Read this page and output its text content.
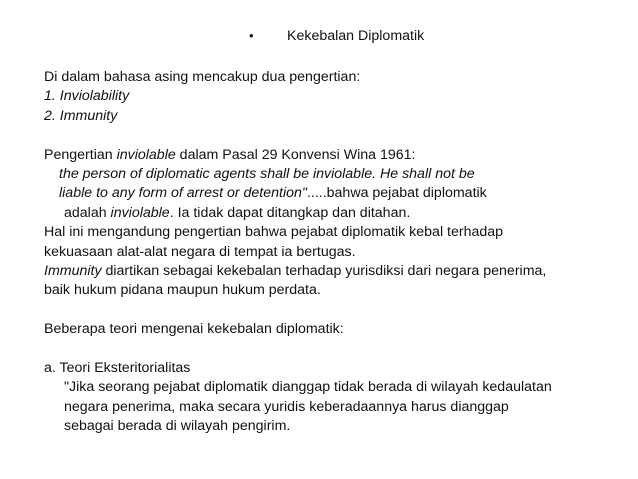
• Kekebalan Diplomatik
Di dalam bahasa asing mencakup dua pengertian:
1. Inviolability
2. Immunity
Pengertian inviolable dalam Pasal 29 Konvensi Wina 1961:
the person of diplomatic agents shall be inviolable. He shall not be
liable to any form of arrest or detention".....bahwa pejabat diplomatik
adalah inviolable. Ia tidak dapat ditangkap dan ditahan.
Hal ini mengandung pengertian bahwa pejabat diplomatik kebal terhadap
kekuasaan alat-alat negara di tempat ia bertugas.
Immunity diartikan sebagai kekebalan terhadap yurisdiksi dari negara penerima,
baik hukum pidana maupun hukum perdata.
Beberapa teori mengenai kekebalan diplomatik:
a. Teori Eksteritorialitas
"Jika seorang pejabat diplomatik dianggap tidak berada di wilayah kedaulatan
negara penerima, maka secara yuridis keberadaannya harus dianggap
sebagai berada di wilayah pengirim.
